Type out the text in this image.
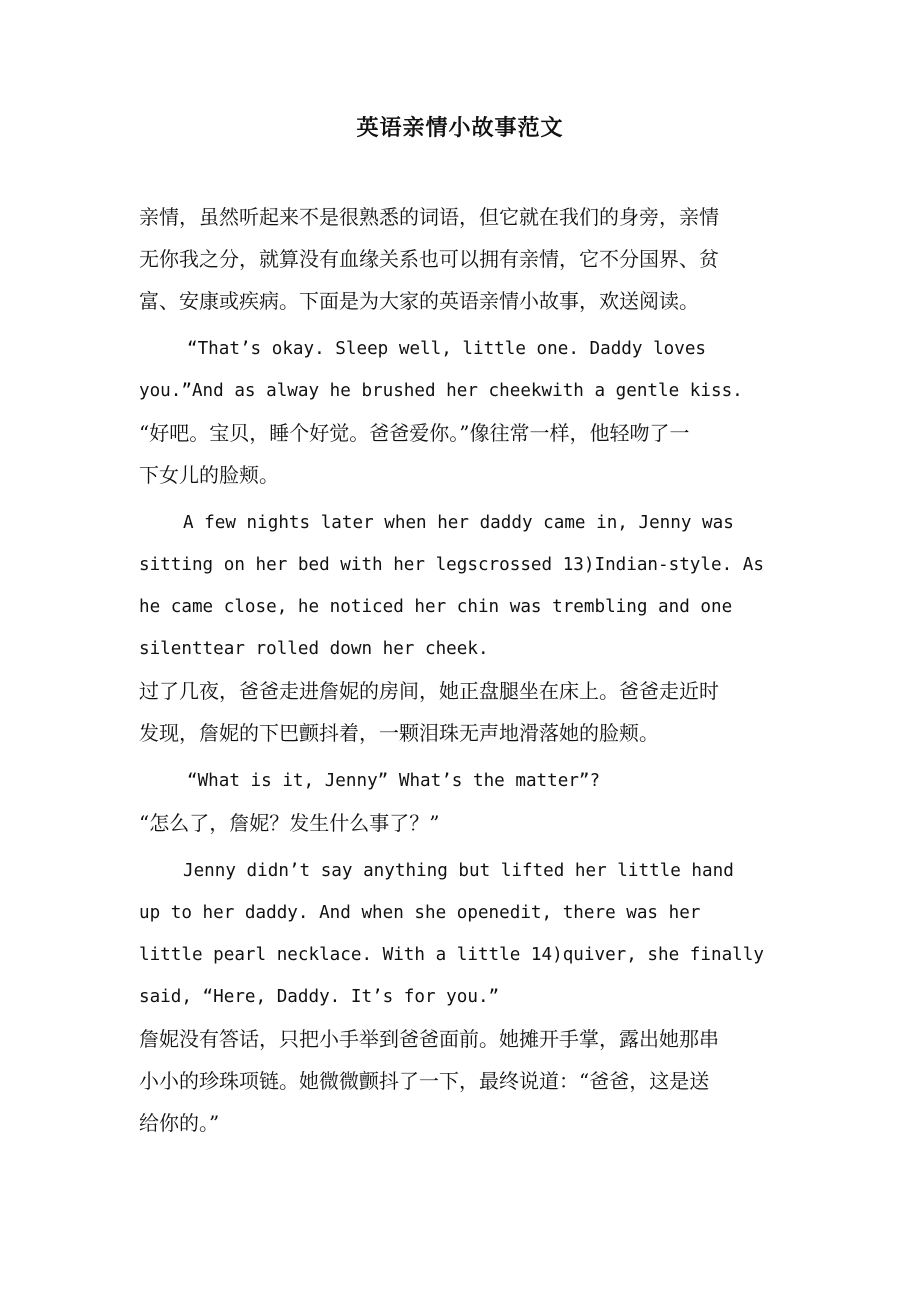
英语亲情小故事范文

亲情，虽然听起来不是很熟悉的词语，但它就在我们的身旁，亲情

无你我之分，就算没有血缘关系也可以拥有亲情，它不分国界、贫

富、安康或疾病。下面是为大家的英语亲情小故事，欢送阅读。

“That’s okay. Sleep well, little one. Daddy loves

you.”And as alway he brushed her cheekwith a gentle kiss.

“好吧。宝贝，睡个好觉。爸爸爱你。”像往常一样，他轻吻了一

下女儿的脸颊。

A few nights later when her daddy came in, Jenny was

sitting on her bed with her legscrossed 13)Indian-style. As

he came close, he noticed her chin was trembling and one

silenttear rolled down her cheek.

过了几夜，爸爸走进詹妮的房间，她正盘腿坐在床上。爸爸走近时

发现，詹妮的下巴颤抖着，一颗泪珠无声地滑落她的脸颊。

“What is it, Jenny” What’s the matter”?

“怎么了，詹妮？发生什么事了？”

Jenny didn’t say anything but lifted her little hand

up to her daddy. And when she openedit, there was her

little pearl necklace. With a little 14)quiver, she finally

said, “Here, Daddy. It’s for you.”

詹妮没有答话，只把小手举到爸爸面前。她摊开手掌，露出她那串

小小的珍珠项链。她微微颤抖了一下，最终说道：“爸爸，这是送

给你的。”
